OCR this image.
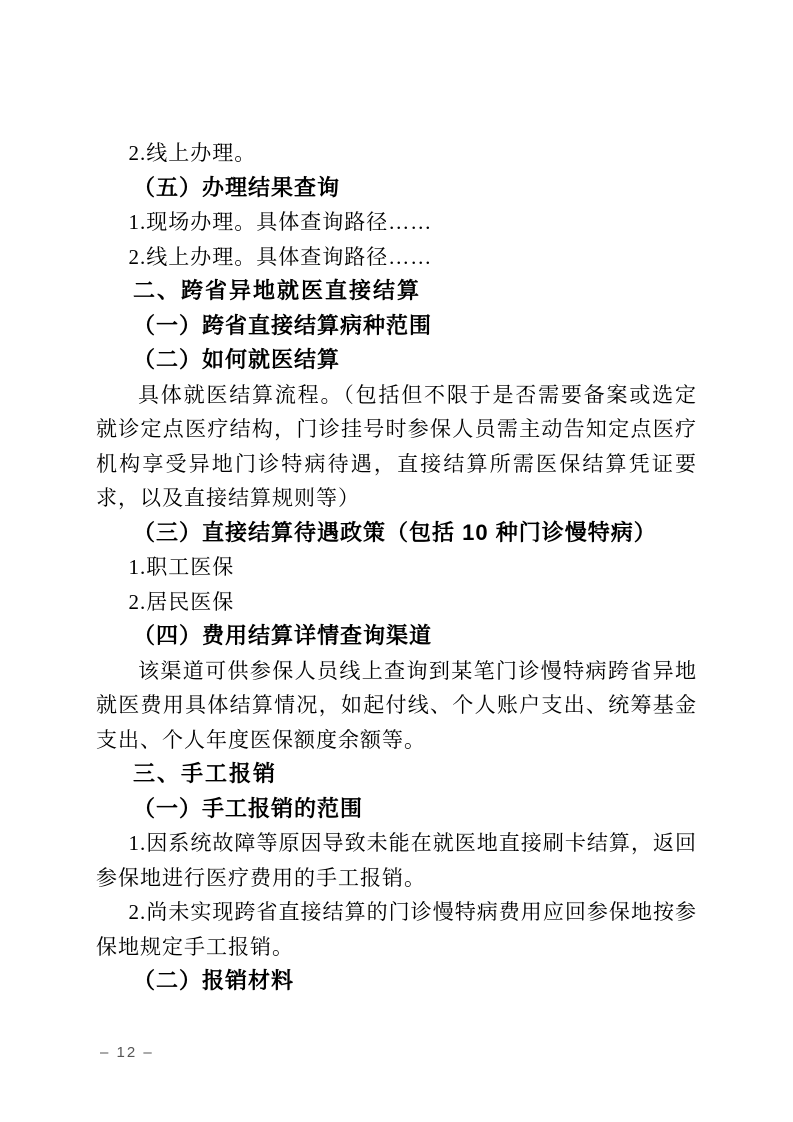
2.线上办理。

（五）办理结果查询

1.现场办理。具体查询路径……

2.线上办理。具体查询路径……

二、跨省异地就医直接结算

（一）跨省直接结算病种范围

（二）如何就医结算

具体就医结算流程。（包括但不限于是否需要备案或选定就诊定点医疗结构，门诊挂号时参保人员需主动告知定点医疗机构享受异地门诊特病待遇，直接结算所需医保结算凭证要求，以及直接结算规则等）

（三）直接结算待遇政策（包括 10 种门诊慢特病）

1.职工医保

2.居民医保

（四）费用结算详情查询渠道

该渠道可供参保人员线上查询到某笔门诊慢特病跨省异地就医费用具体结算情况，如起付线、个人账户支出、统筹基金支出、个人年度医保额度余额等。

三、手工报销

（一）手工报销的范围

1.因系统故障等原因导致未能在就医地直接刷卡结算，返回参保地进行医疗费用的手工报销。

2.尚未实现跨省直接结算的门诊慢特病费用应回参保地按参保地规定手工报销。

（二）报销材料

– 12 –
